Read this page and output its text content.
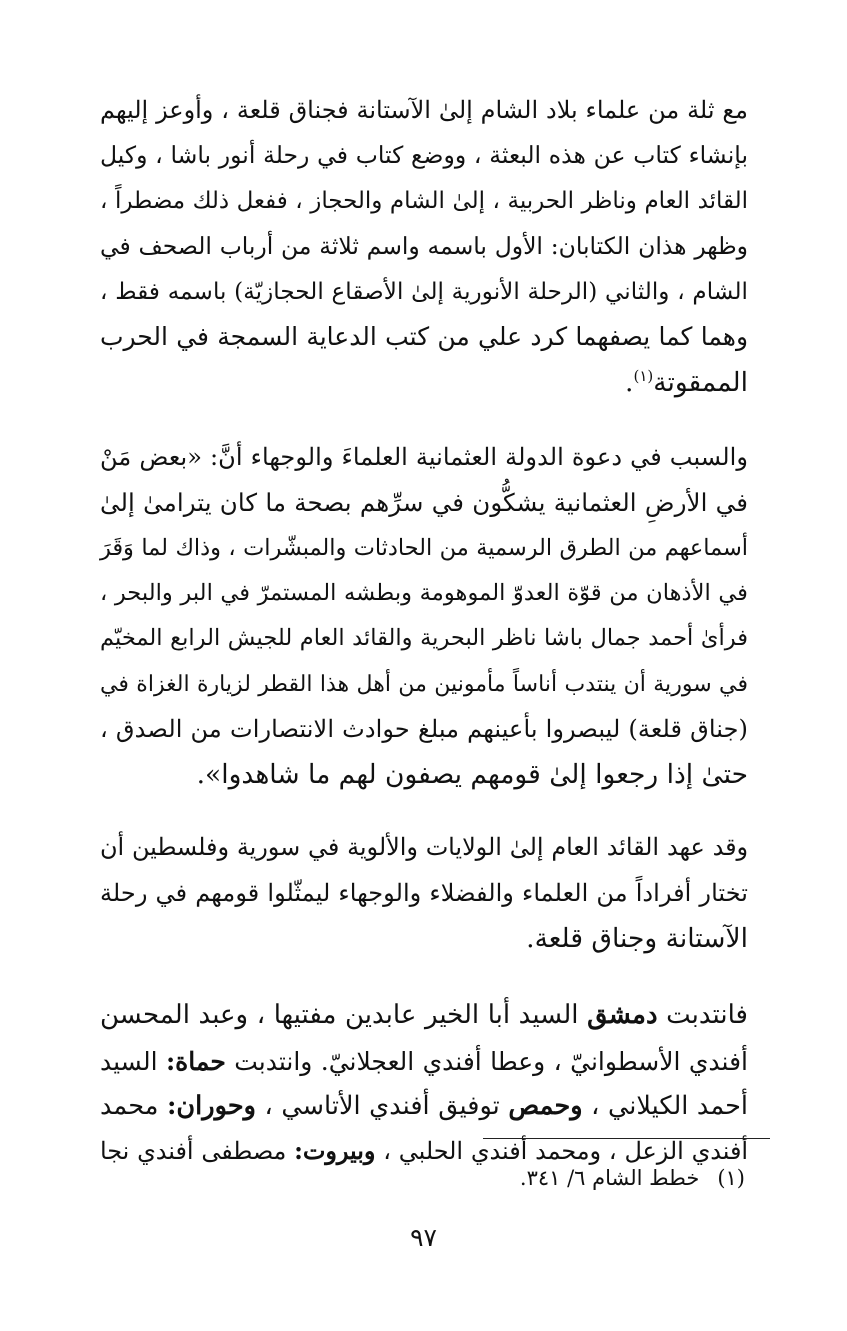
مع ثلة من علماء بلاد الشام إلىٰ الآستانة فجناق قلعة ، وأوعز إليهم
بإنشاء كتاب عن هذه البعثة ، ووضع كتاب في رحلة أنور باشا ، وكيل
القائد العام وناظر الحربية ، إلىٰ الشام والحجاز ، ففعل ذلك مضطراً ،
وظهر هذان الكتابان: الأول باسمه واسم ثلاثة من أرباب الصحف في
الشام ، والثاني (الرحلة الأنورية إلىٰ الأصقاع الحجازيّة) باسمه فقط ،
وهما كما يصفهما كرد علي من كتب الدعاية السمجة في الحرب
الممقوتة$^{(١)}$.

والسبب في دعوة الدولة العثمانية العلماءَ والوجهاء أنَّ: «بعض مَنْ
في الأرضِ العثمانية يشكُّون في سرِّهم بصحة ما كان يترامىٰ إلىٰ
أسماعهم من الطرق الرسمية من الحادثات والمبشّرات ، وذاك لما وَقَرَ
في الأذهان من قوّة العدوّ الموهومة وبطشه المستمرّ في البر والبحر ،
فرأىٰ أحمد جمال باشا ناظر البحرية والقائد العام للجيش الرابع المخيّم
في سورية أن ينتدب أناساً مأمونين من أهل هذا القطر لزيارة الغزاة في
(جناق قلعة) ليبصروا بأعينهم مبلغ حوادث الانتصارات من الصدق ،
حتىٰ إذا رجعوا إلىٰ قومهم يصفون لهم ما شاهدوا».

وقد عهد القائد العام إلىٰ الولايات والألوية في سورية وفلسطين أن
تختار أفراداً من العلماء والفضلاء والوجهاء ليمثّلوا قومهم في رحلة
الآستانة وجناق قلعة.

فانتدبت دمشق السيد أبا الخير عابدين مفتيها ، وعبد المحسن
أفندي الأسطوانيّ ، وعطا أفندي العجلانيّ. وانتدبت حماة: السيد
أحمد الكيلاني ، وحمص توفيق أفندي الأتاسي ، وحوران: محمد
أفندي الزعل ، ومحمد أفندي الحلبي ، وبيروت: مصطفى أفندي نجا

(١)خطط الشام ٦/ ٣٤١.
٩٧
